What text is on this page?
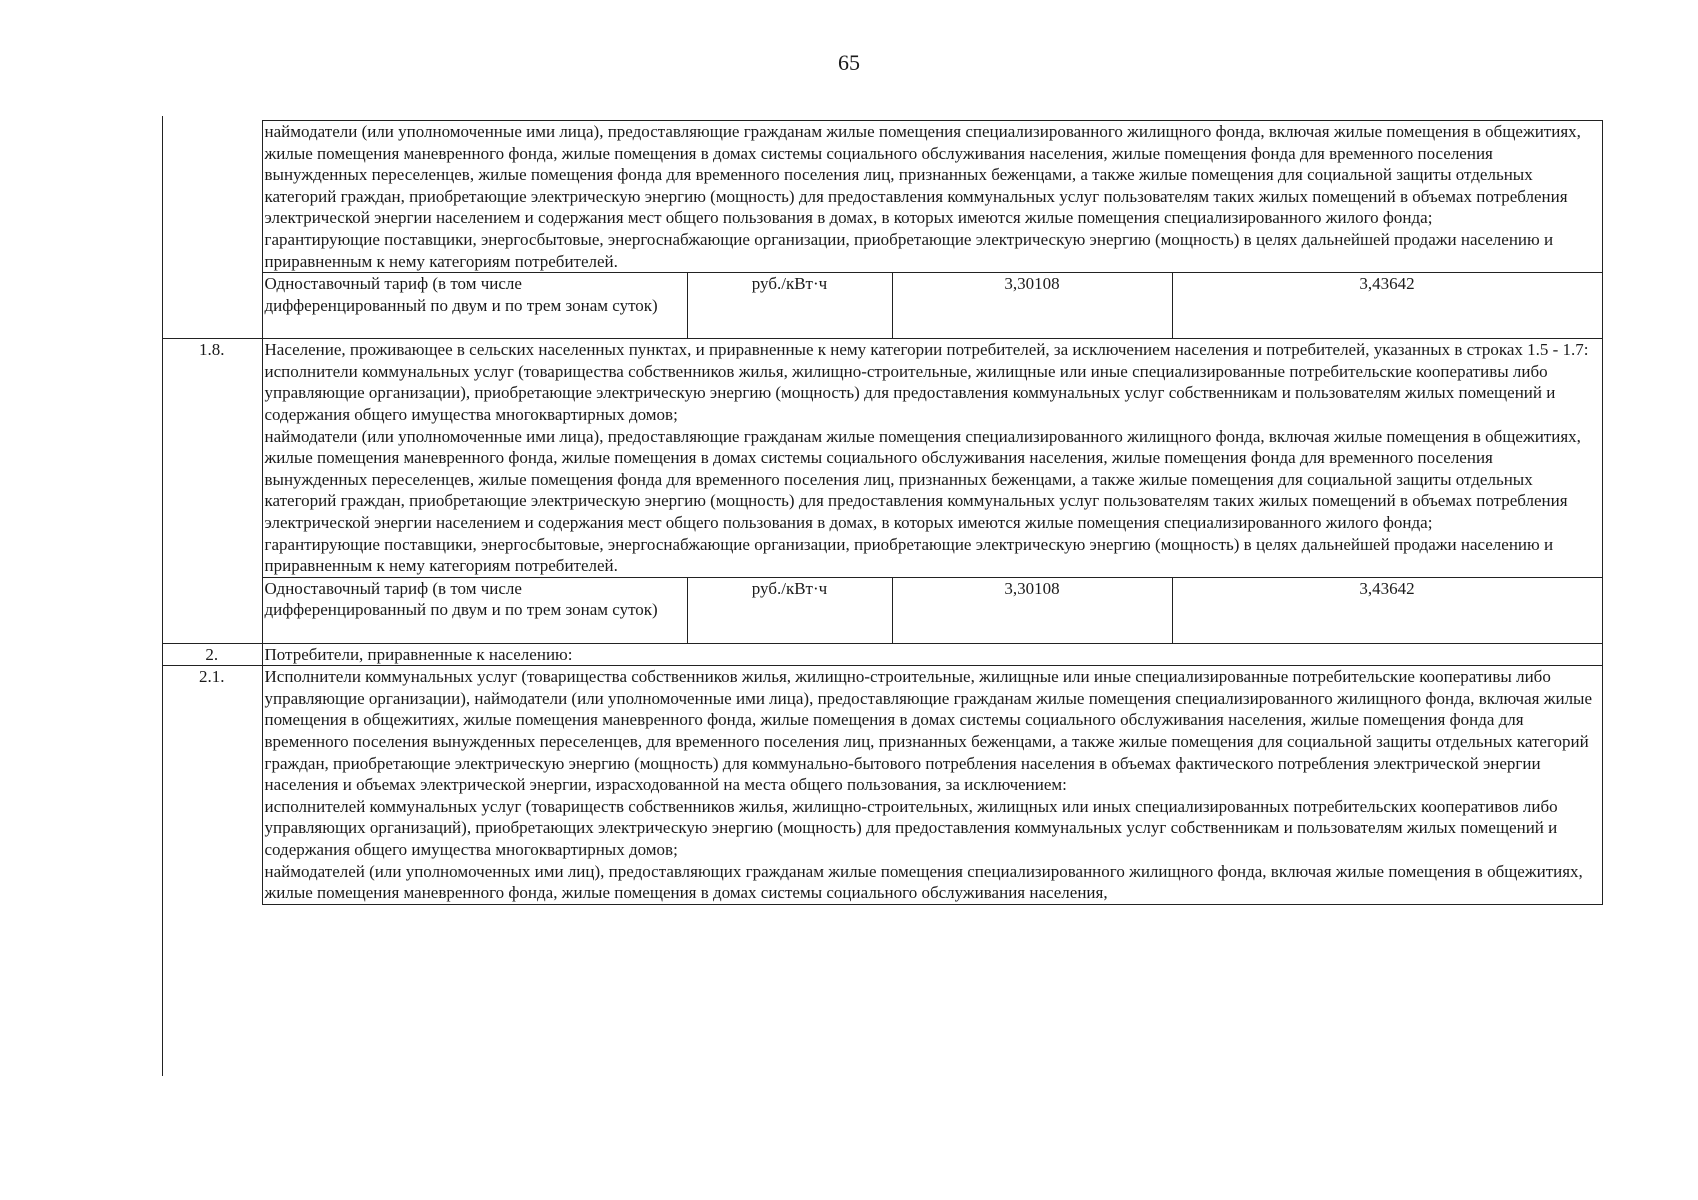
65

	наймодатели (или уполномоченные ими лица), предоставляющие гражданам жилые помещения специализированного жилищного фонда, включая жилые помещения в общежитиях, жилые помещения маневренного фонда, жилые помещения в домах системы социального обслуживания населения, жилые помещения фонда для временного поселения вынужденных переселенцев, жилые помещения фонда для временного поселения лиц, признанных беженцами, а также жилые помещения для социальной защиты отдельных категорий граждан, приобретающие электрическую энергию (мощность) для предоставления коммунальных услуг пользователям таких жилых помещений в объемах потребления электрической энергии населением и содержания мест общего пользования в домах, в которых имеются жилые помещения специализированного жилого фонда;
гарантирующие поставщики, энергосбытовые, энергоснабжающие организации, приобретающие электрическую энергию (мощность) в целях дальнейшей продажи населению и приравненным к нему категориям потребителей.			

	Одноставочный тариф (в том числе дифференцированный по двум и по трем зонам суток)	руб./кВт·ч	3,30108	3,43642
1.8.	Население, проживающее в сельских населенных пунктах, и приравненные к нему категории потребителей, за исключением населения и потребителей, указанных в строках 1.5 - 1.7:
исполнители коммунальных услуг (товарищества собственников жилья, жилищно-строительные, жилищные или иные специализированные потребительские кооперативы либо управляющие организации), приобретающие электрическую энергию (мощность) для предоставления коммунальных услуг собственникам и пользователям жилых помещений и содержания общего имущества многоквартирных домов;
наймодатели (или уполномоченные ими лица), предоставляющие гражданам жилые помещения специализированного жилищного фонда, включая жилые помещения в общежитиях, жилые помещения маневренного фонда, жилые помещения в домах системы социального обслуживания населения, жилые помещения фонда для временного поселения вынужденных переселенцев, жилые помещения фонда для временного поселения лиц, признанных беженцами, а также жилые помещения для социальной защиты отдельных категорий граждан, приобретающие электрическую энергию (мощность) для предоставления коммунальных услуг пользователям таких жилых помещений в объемах потребления электрической энергии населением и содержания мест общего пользования в домах, в которых имеются жилые помещения специализированного жилого фонда;
гарантирующие поставщики, энергосбытовые, энергоснабжающие организации, приобретающие электрическую энергию (мощность) в целях дальнейшей продажи населению и приравненным к нему категориям потребителей.			

	Одноставочный тариф (в том числе дифференцированный по двум и по трем зонам суток)	руб./кВт·ч	3,30108	3,43642
2.	Потребители, приравненные к населению:			
2.1.	Исполнители коммунальных услуг (товарищества собственников жилья, жилищно-строительные, жилищные или иные специализированные потребительские кооперативы либо управляющие организации), наймодатели (или уполномоченные ими лица), предоставляющие гражданам жилые помещения специализированного жилищного фонда, включая жилые помещения в общежитиях, жилые помещения маневренного фонда, жилые помещения в домах системы социального обслуживания населения, жилые помещения фонда для временного поселения вынужденных переселенцев, для временного поселения лиц, признанных беженцами, а также жилые помещения для социальной защиты отдельных категорий граждан, приобретающие электрическую энергию (мощность) для коммунально-бытового потребления населения в объемах фактического потребления электрической энергии населения и объемах электрической энергии, израсходованной на места общего пользования, за исключением:
исполнителей коммунальных услуг (товариществ собственников жилья, жилищно-строительных, жилищных или иных специализированных потребительских кооперативов либо управляющих организаций), приобретающих электрическую энергию (мощность) для предоставления коммунальных услуг собственникам и пользователям жилых помещений и содержания общего имущества многоквартирных домов;
наймодателей (или уполномоченных ими лиц), предоставляющих гражданам жилые помещения специализированного жилищного фонда, включая жилые помещения в общежитиях, жилые помещения маневренного фонда, жилые помещения в домах системы социального обслуживания населения,			
